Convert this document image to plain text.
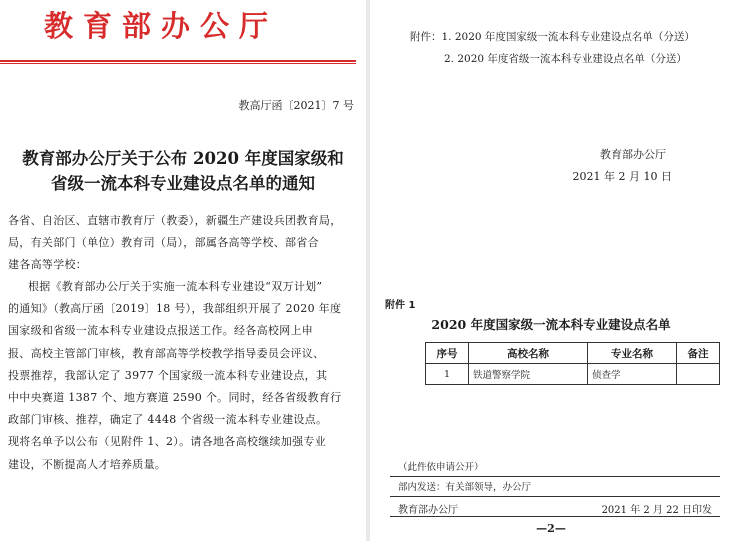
教育部办公厅
教高厅函〔2021〕7 号
教育部办公厅关于公布 2020 年度国家级和
省级一流本科专业建设点名单的通知
各省、自治区、直辖市教育厅（教委），新疆生产建设兵团教育局，
局，有关部门（单位）教育司（局），部属各高等学校、部省合
建各高等学校：
根据《教育部办公厅关于实施一流本科专业建设“双万计划”
的通知》（教高厅函〔2019〕18 号），我部组织开展了 2020 年度
国家级和省级一流本科专业建设点报送工作。经各高校网上申
报、高校主管部门审核，教育部高等学校教学指导委员会评议、
投票推荐，我部认定了 3977 个国家级一流本科专业建设点，其
中中央赛道 1387 个、地方赛道 2590 个。同时，经各省级教育行
政部门审核、推荐，确定了 4448 个省级一流本科专业建设点。
现将名单予以公布（见附件 1、2）。请各地各高校继续加强专业
建设，不断提高人才培养质量。
附件：1. 2020 年度国家级一流本科专业建设点名单（分送）
2. 2020 年度省级一流本科专业建设点名单（分送）
教育部办公厅
2021 年 2 月 10 日
附件 1
2020 年度国家级一流本科专业建设点名单
序号	高校名称	专业名称	备注
1	铁道警察学院	侦查学	
（此件依申请公开）
部内发送：有关部领导，办公厅
教育部办公厅	2021 年 2 月 22 日印发
—2—
